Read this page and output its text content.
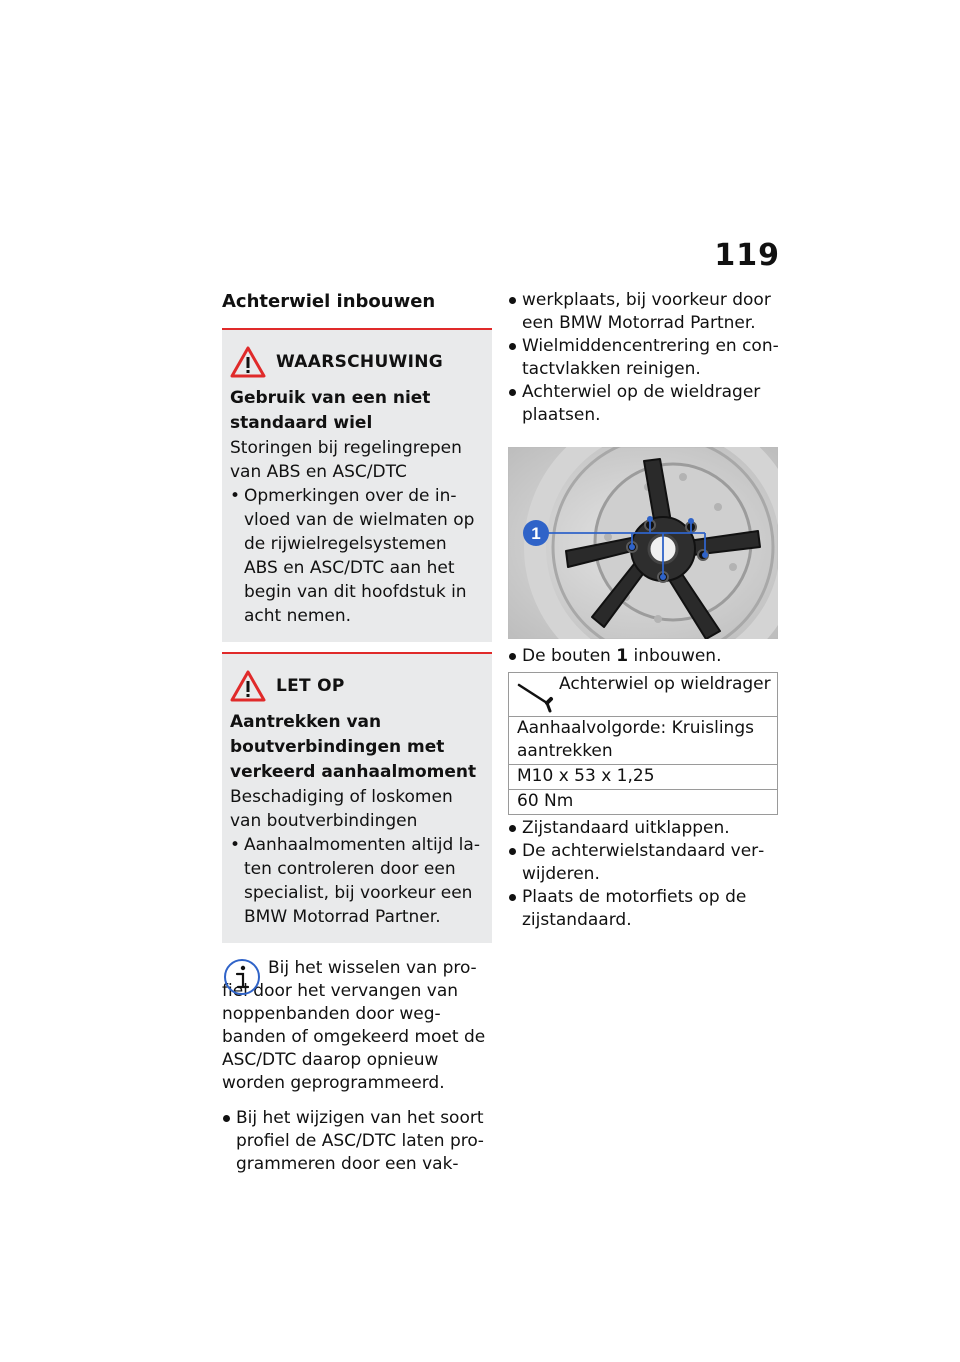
119
Achterwiel inbouwen
WAARSCHUWING
Gebruik van een niet standaard wiel
Storingen bij regelingrepen van ABS en ASC/DTC
• Opmerkingen over de invloed van de wielmaten op de rijwielregelsystemen ABS en ASC/DTC aan het begin van dit hoofdstuk in acht nemen.
LET OP
Aantrekken van boutverbindingen met verkeerd aanhaalmoment
Beschadiging of loskomen van boutverbindingen
• Aanhaalmomenten altijd laten controleren door een specialist, bij voorkeur een BMW Motorrad Partner.
Bij het wisselen van profiel door het vervangen van noppenbanden door wegbanden of omgekeerd moet de ASC/DTC daarop opnieuw worden geprogrammeerd.
Bij het wijzigen van het soort profiel de ASC/DTC laten programmeren door een vak-
werkplaats, bij voorkeur door een BMW Motorrad Partner.
Wielmiddencentrering en contactvlakken reinigen.
Achterwiel op de wieldrager plaatsen.
1
De bouten 1 inbouwen.
Achterwiel op wieldrager

Aanhaalvolgorde: Kruislings aantrekken
M10 x 53 x 1,25
60 Nm
Zijstandaard uitklappen.
De achterwielstandaard verwijderen.
Plaats de motorfiets op de zijstandaard.
